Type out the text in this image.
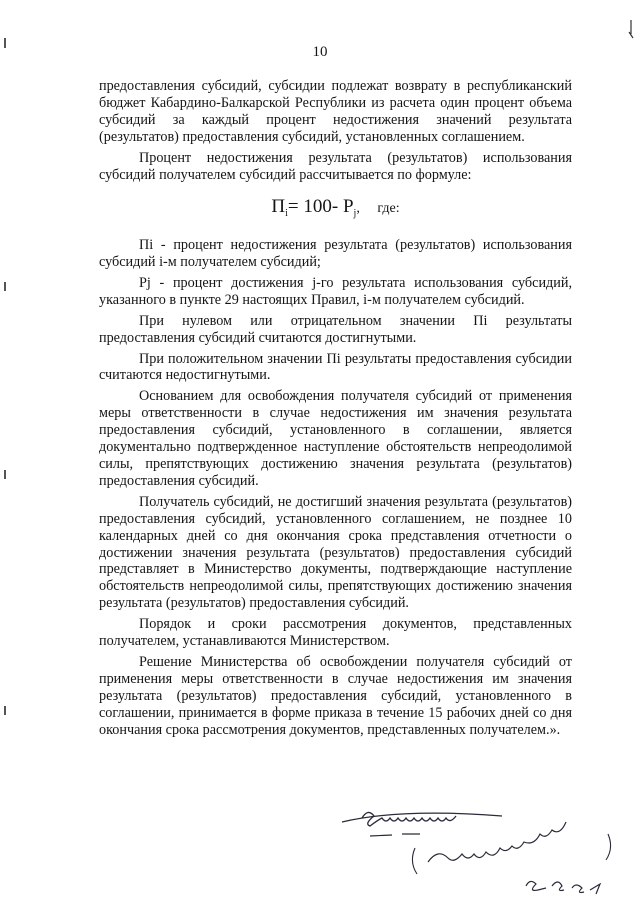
10

предоставления субсидий, субсидии подлежат возврату в республиканский бюджет Кабардино-Балкарской Республики из расчета один процент объема субсидий за каждый процент недостижения значений результата (результатов) предоставления субсидий, установленных соглашением.

Процент недостижения результата (результатов) использования субсидий получателем субсидий рассчитывается по формуле:

$П_i= 100-$ $Р_j$, где:

Пi - процент недостижения результата (результатов) использования субсидий i-м получателем субсидий;

Рj - процент достижения j-го результата использования субсидий, указанного в пункте 29 настоящих Правил, i-м получателем субсидий.

При нулевом или отрицательном значении Пi результаты предоставления субсидий считаются достигнутыми.

При положительном значении Пi результаты предоставления субсидии считаются недостигнутыми.

Основанием для освобождения получателя субсидий от применения меры ответственности в случае недостижения им значения результата предоставления субсидий, установленного в соглашении, является документально подтвержденное наступление обстоятельств непреодолимой силы, препятствующих достижению значения результата (результатов) предоставления субсидий.

Получатель субсидий, не достигший значения результата (результатов) предоставления субсидий, установленного соглашением, не позднее 10 календарных дней со дня окончания срока представления отчетности о достижении значения результата (результатов) предоставления субсидий представляет в Министерство документы, подтверждающие наступление обстоятельств непреодолимой силы, препятствующих достижению значения результата (результатов) предоставления субсидий.

Порядок и сроки рассмотрения документов, представленных получателем, устанавливаются Министерством.

Решение Министерства об освобождении получателя субсидий от применения меры ответственности в случае недостижения им значения результата (результатов) предоставления субсидий, установленного в соглашении, принимается в форме приказа в течение 15 рабочих дней со дня окончания срока рассмотрения документов, представленных получателем.».
